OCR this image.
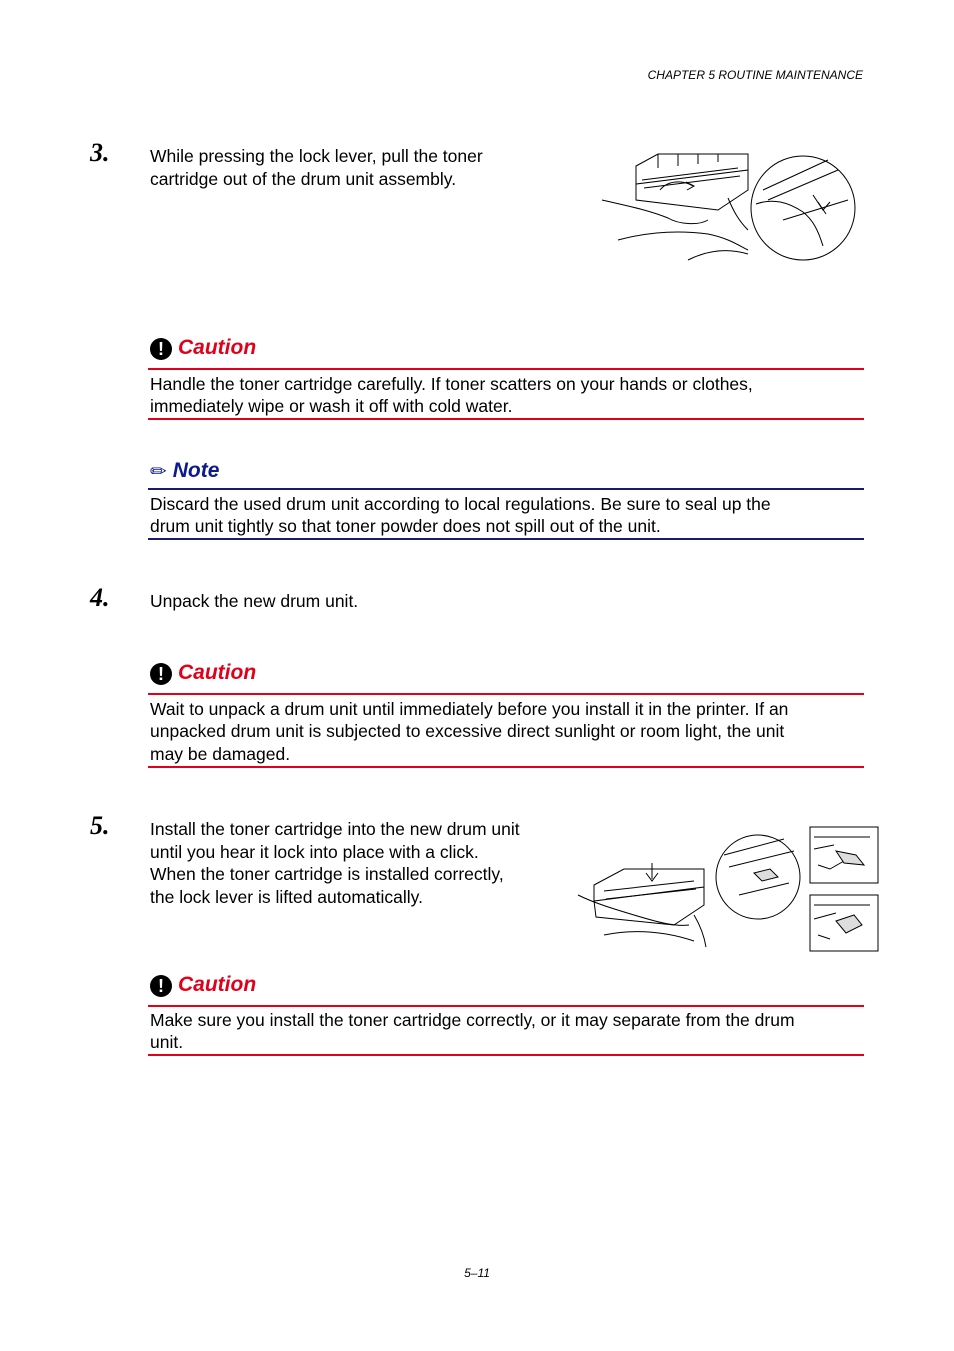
CHAPTER 5 ROUTINE MAINTENANCE
3. While pressing the lock lever, pull the toner
cartridge out of the drum unit assembly.
! Caution
Handle the toner cartridge carefully. If toner scatters on your hands or clothes,
immediately wipe or wash it off with cold water.
✏ Note
Discard the used drum unit according to local regulations. Be sure to seal up the
drum unit tightly so that toner powder does not spill out of the unit.
4. Unpack the new drum unit.
! Caution
Wait to unpack a drum unit until immediately before you install it in the printer. If an
unpacked drum unit is subjected to excessive direct sunlight or room light, the unit
may be damaged.
5. Install the toner cartridge into the new drum unit
until you hear it lock into place with a click.
When the toner cartridge is installed correctly,
the lock lever is lifted automatically.
! Caution
Make sure you install the toner cartridge correctly, or it may separate from the drum
unit.
5–11
